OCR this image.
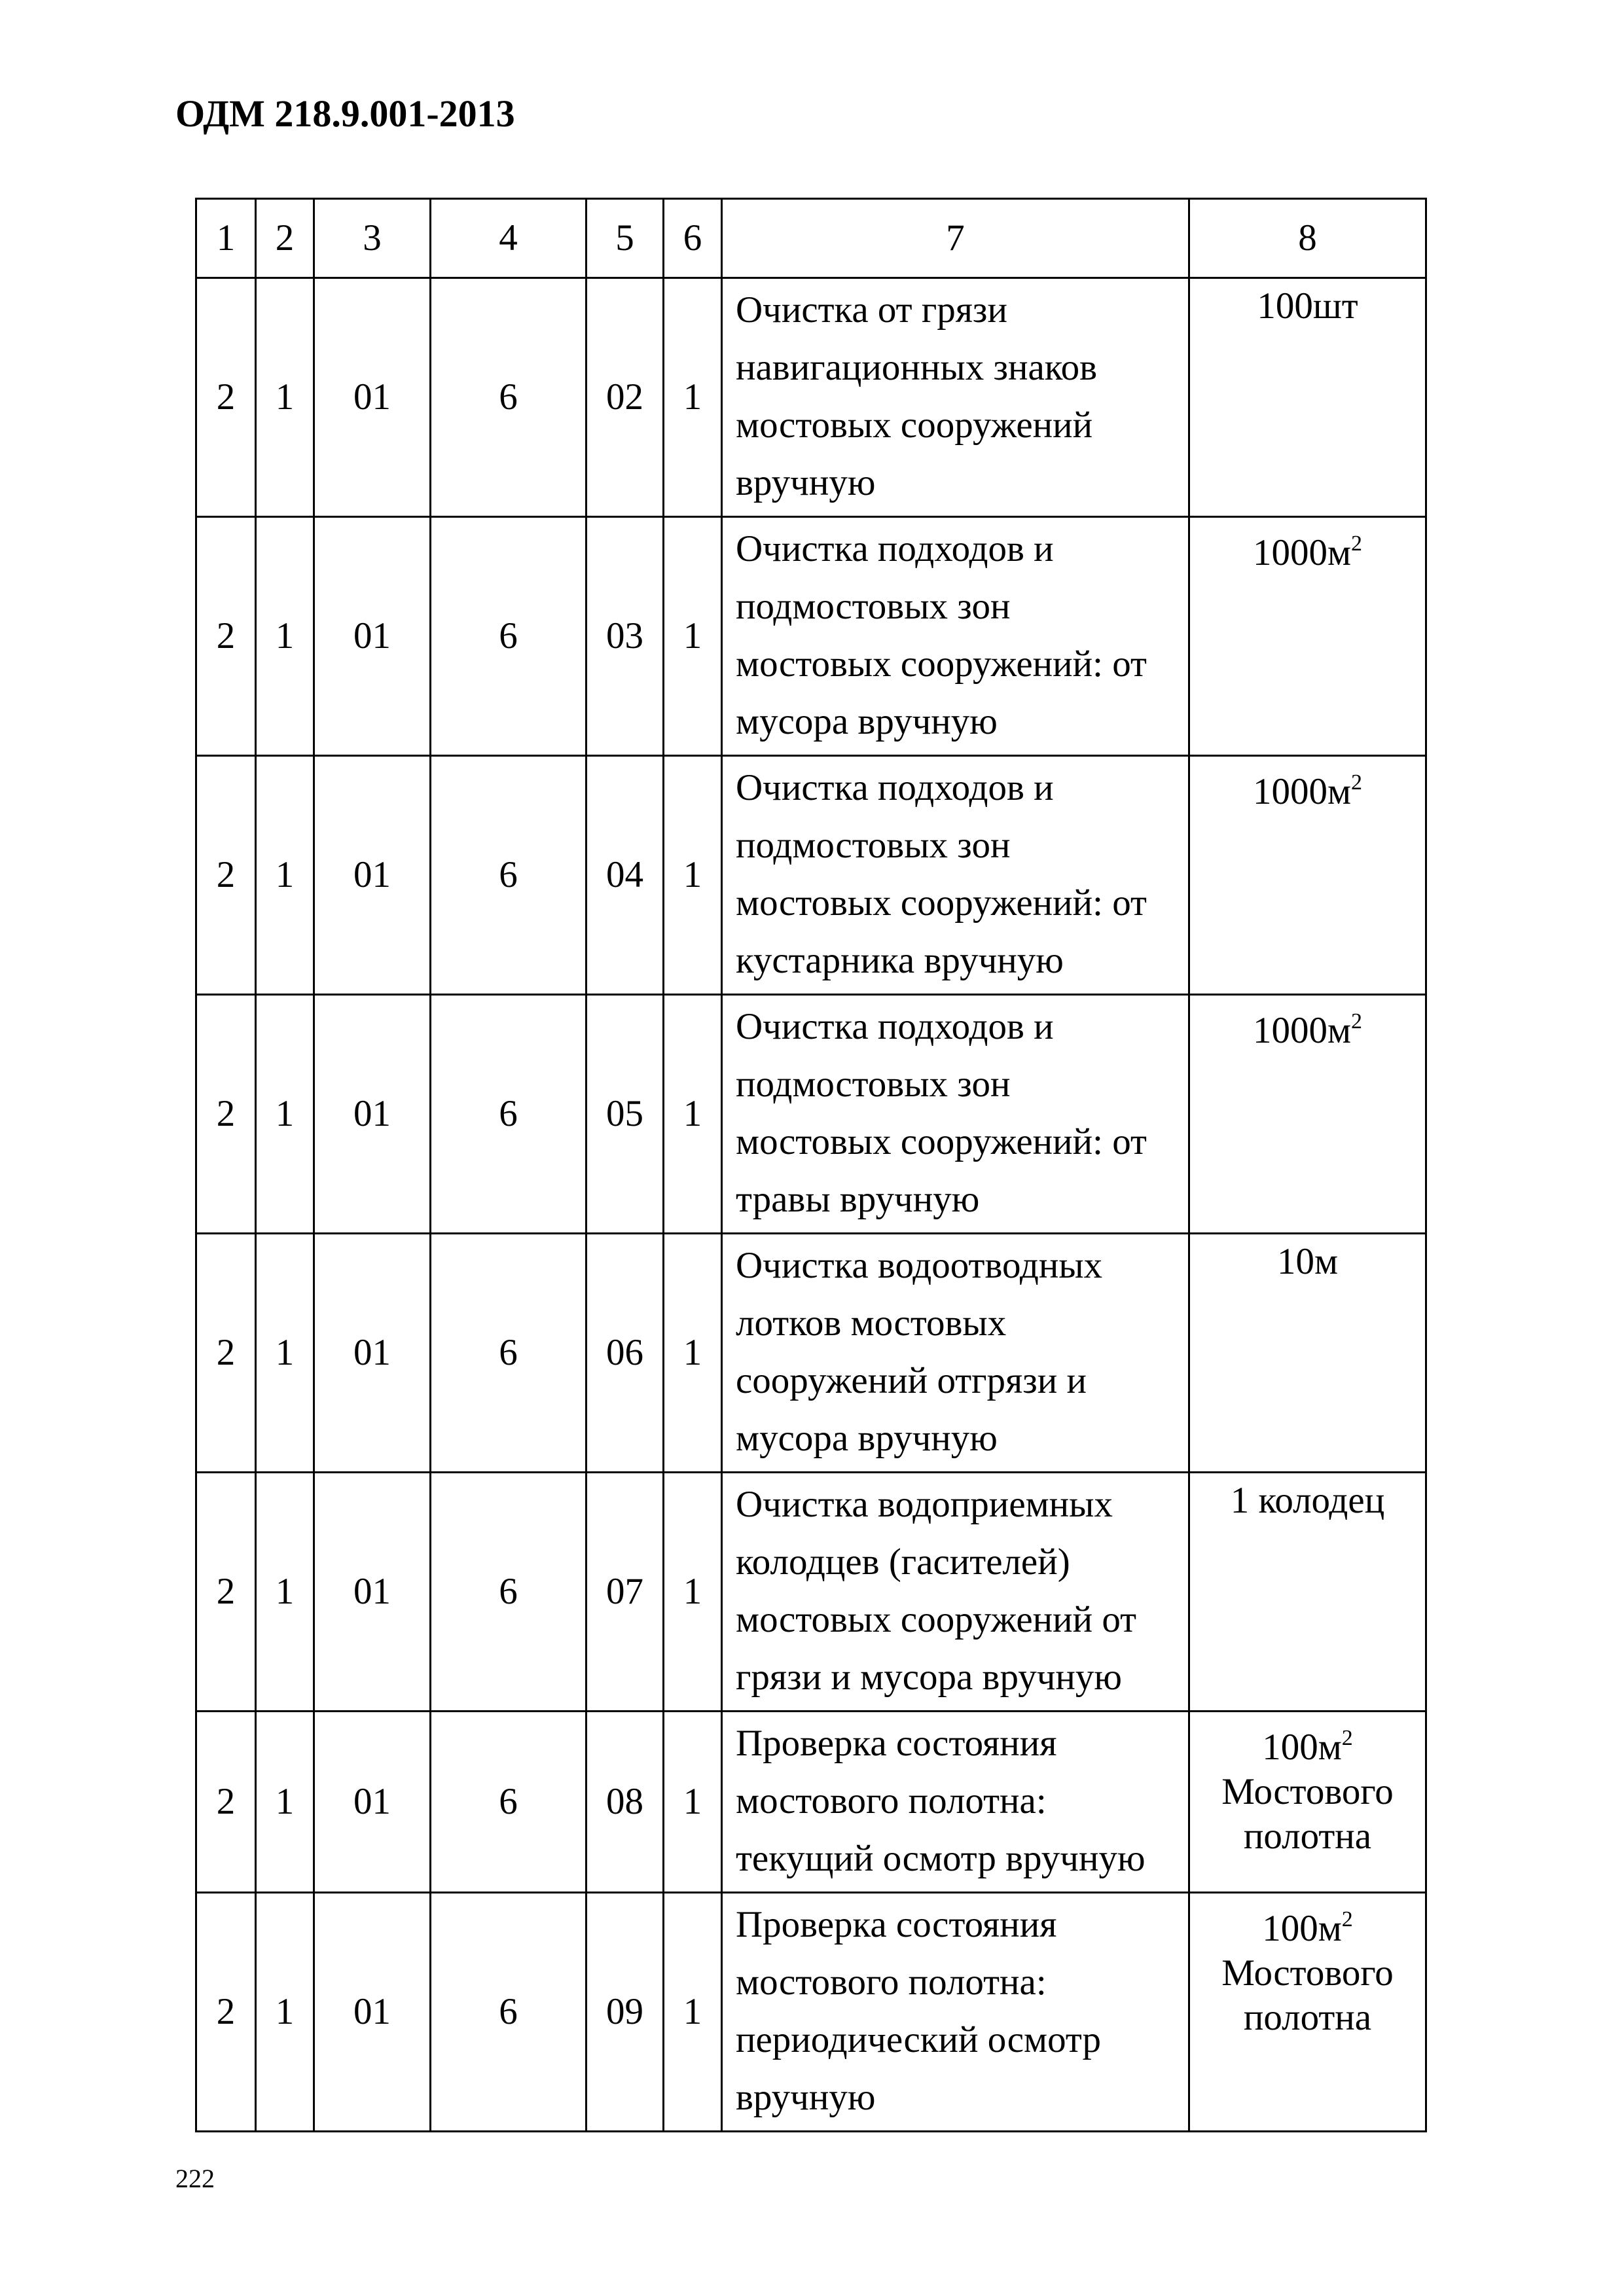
ОДМ 218.9.001-2013
1	2	3	4	5	6	7	8
2	1	01	6	02	1	Очистка от грязи
навигационных знаков
мостовых сооружений
вручную	100шт
2	1	01	6	03	1	Очистка подходов и
подмостовых зон
мостовых сооружений: от
мусора вручную	$1000м^2$
2	1	01	6	04	1	Очистка подходов и
подмостовых зон
мостовых сооружений: от
кустарника вручную	$1000м^2$
2	1	01	6	05	1	Очистка подходов и
подмостовых зон
мостовых сооружений: от
травы вручную	$1000м^2$
2	1	01	6	06	1	Очистка водоотводных
лотков мостовых
сооружений отгрязи и
мусора вручную	10м
2	1	01	6	07	1	Очистка водоприемных
колодцев (гасителей)
мостовых сооружений от
грязи и мусора вручную	1 колодец
2	1	01	6	08	1	Проверка состояния
мостового полотна:
текущий осмотр вручную	$100м^2$
Мостового
полотна

2	1	01	6	09	1	Проверка состояния
мостового полотна:
периодический осмотр
вручную	$100м^2$
Мостового
полотна
222
